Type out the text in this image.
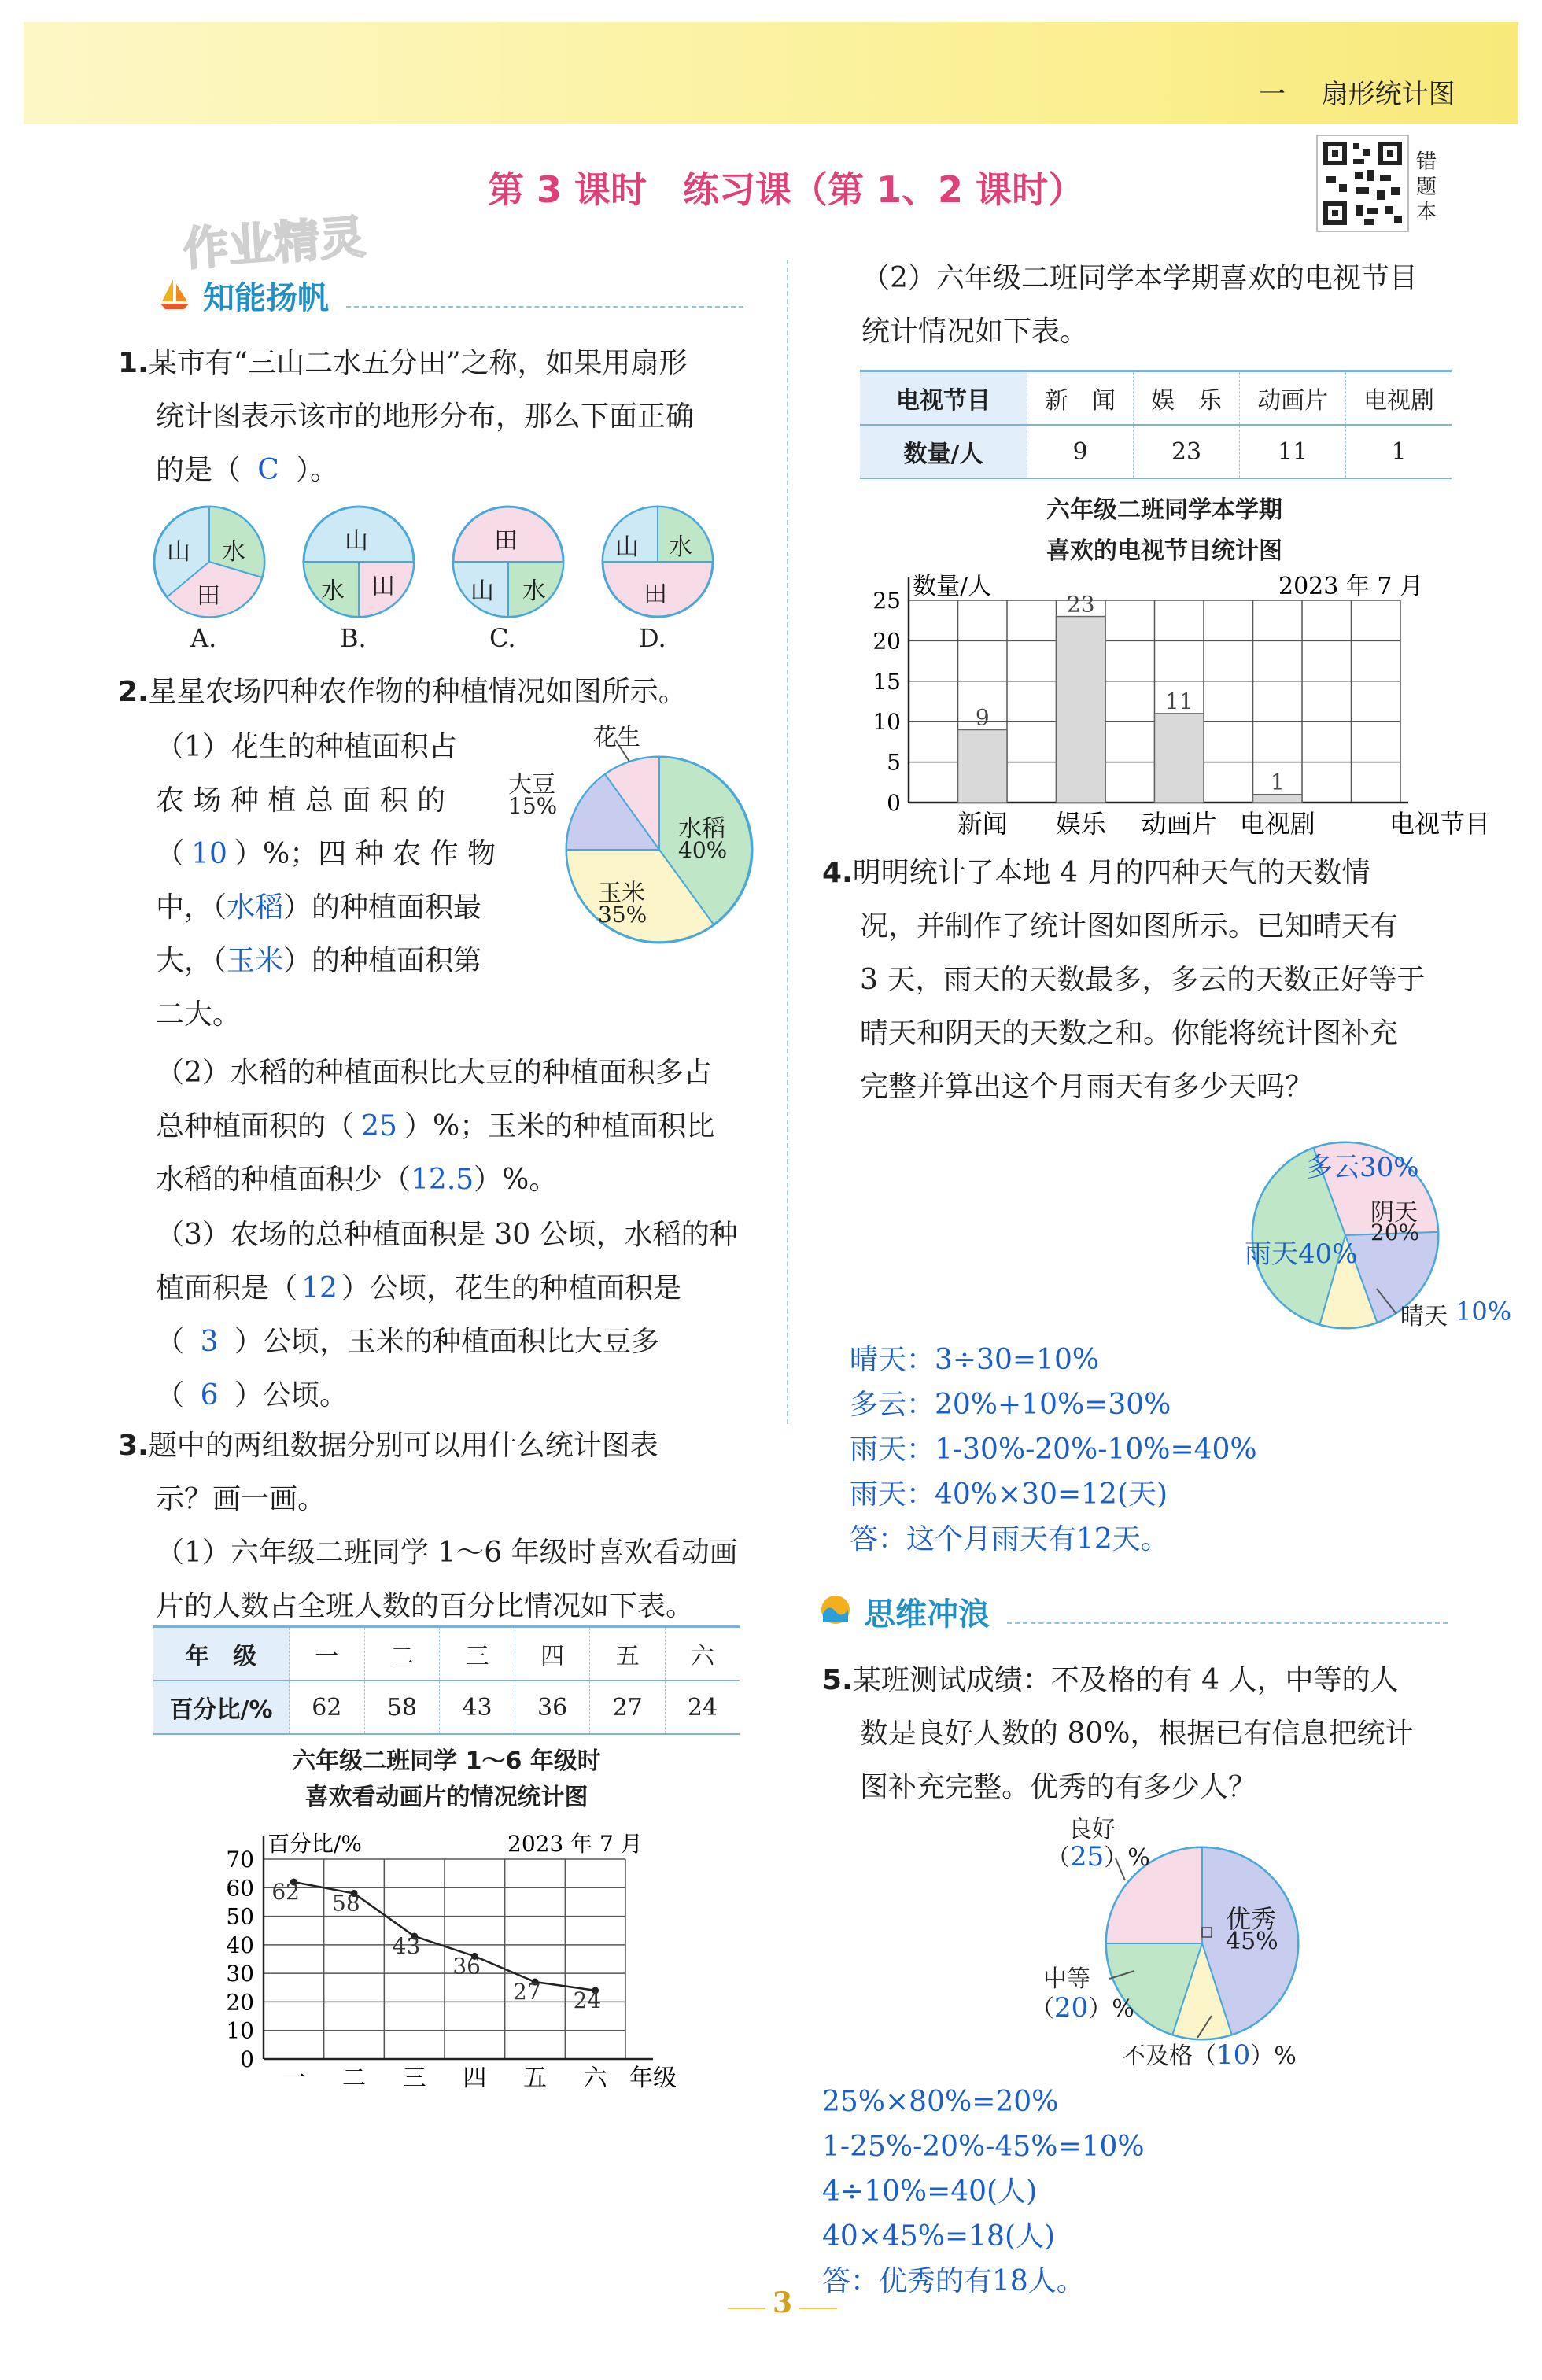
一 扇形统计图
第 3 课时　练习课（第 1、2 课时）
错题本
作业精灵
知能扬帆
1.某市有“三山二水五分田”之称，如果用扇形
统计图表示该市的地形分布，那么下面正确
的是（ C ）。
山 水
田
山
水 田
田
山 水
山 水
田
A.	B.	C.	D.
2.星星农场四种农作物的种植情况如图所示。
（1）花生的种植面积占
农 场 种 植 总 面 积 的
（ 10 ）%；四 种 农 作 物
中，（水稻）的种植面积最
大，（玉米）的种植面积第
二大。
花生
大豆
15%
水稻
40%
玉米
35%
（2）水稻的种植面积比大豆的种植面积多占
总种植面积的（ 25 ）%；玉米的种植面积比
水稻的种植面积少（12.5）%。
（3）农场的总种植面积是 30 公顷，水稻的种
植面积是（ 12 ）公顷，花生的种植面积是
（ 3 ）公顷，玉米的种植面积比大豆多
（ 6 ）公顷。
3.题中的两组数据分别可以用什么统计图表
示？画一画。
（1）六年级二班同学 1～6 年级时喜欢看动画
片的人数占全班人数的百分比情况如下表。
年　级	一	二	三	四	五	六
百分比/%	62	58	43	36	27	24
六年级二班同学 1～6 年级时
喜欢看动画片的情况统计图
0
10
20
30
40
50
60
70
百分比/%	2023 年 7 月
62
一
58
二
43
三
36
四
27
五
24
六 年级
（2）六年级二班同学本学期喜欢的电视节目
统计情况如下表。
电视节目	新　闻	娱　乐	动画片	电视剧
数量/人	9	23	11	1
六年级二班同学本学期
喜欢的电视节目统计图
0
5
10
15
20
25
数量/人	2023 年 7 月
9
新闻
23
娱乐
11
动画片
1
电视剧	电视节目
4.明明统计了本地 4 月的四种天气的天数情
况，并制作了统计图如图所示。已知晴天有
3 天，雨天的天数最多，多云的天数正好等于
晴天和阴天的天数之和。你能将统计图补充
完整并算出这个月雨天有多少天吗？
多云30%
阴天
20%
晴天 10%
雨天40%
晴天：3÷30=10%
多云：20%+10%=30%
雨天：1-30%-20%-10%=40%
雨天：40%×30=12(天)
答：这个月雨天有12天。
思维冲浪
5.某班测试成绩：不及格的有 4 人，中等的人
数是良好人数的 80%，根据已有信息把统计
图补充完整。优秀的有多少人？
良好
（25）%
优秀
45%
中等
（20）%
不及格（10）%
25%×80%=20%
1-25%-20%-45%=10%
4÷10%=40(人)
40×45%=18(人)
答：优秀的有18人。
3
